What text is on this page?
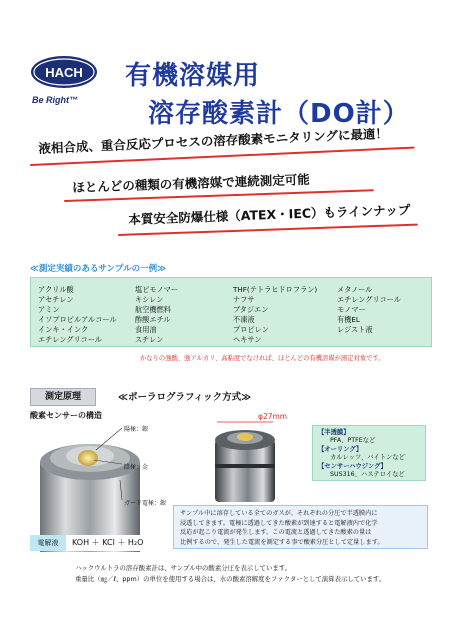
HACH
Be Right™
有機溶媒用
溶存酸素計（DO計）
液相合成、重合反応プロセスの溶存酸素モニタリングに最適！
ほとんどの種類の有機溶媒で連続測定可能
本質安全防爆仕様（ATEX・IEC）もラインナップ
≪測定実績のあるサンプルの一例≫
アクリル酸
アセチレン
アミン
イソプロピルアルコール
インキ・インク
エチレングリコール
塩ビモノマー
キシレン
航空機燃料
酢酸エチル
食用油
スチレン
THF(テトラヒドロフラン)
ナフサ
ブタジエン
不凍液
プロピレン
ヘキサン
メタノール
エチレングリコール
モノマー
有機EL
レジスト液
かなりの強酸、強アルカリ、高粘度でなければ、ほとんどの有機溶媒が測定対象です。
測定原理	≪ポーラログラフィック方式≫
酸素センサーの構造
陽極：銀
陰極：金
ガード電極：銀
電解液	KOH ＋ KCl ＋ H₂O
φ27mm
【半透膜】
PFA、PTFEなど
【オーリング】
カルレッツ、バイトンなど
【センサーハウジング】
SUS316、ハステロイなど
サンプル中に溶存している全てのガスが、それぞれの分圧で半透膜内に
浸透してきます。電極に透過してきた酸素が到達すると電解液内で化学
反応が起こり電流が発生します。この電流と透過してきた酸素の量は
比例するので、発生した電流を測定する事で酸素分圧として定量します。
ハックウルトラの溶存酸素計は、サンプル中の酸素分圧を表示しています。
重量比（㎎／ℓ、ppm）の単位を使用する場合は、水の酸素溶解度をファクターとして演算表示しています。
